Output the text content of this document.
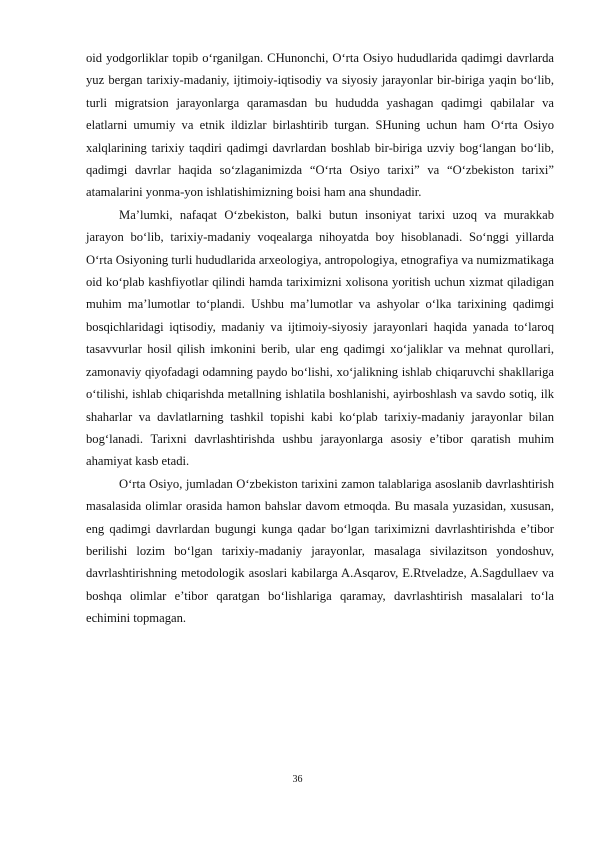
oid yodgorliklar topib o‘rganilgan. CHunonchi, O‘rta Osiyo hududlarida qadimgi davrlarda yuz bergan tarixiy-madaniy, ijtimoiy-iqtisodiy va siyosiy jarayonlar bir-biriga yaqin bo‘lib, turli migratsion jarayonlarga qaramasdan bu hududda yashagan qadimgi qabilalar va elatlarni umumiy va etnik ildizlar birlashtirib turgan. SHuning uchun ham O‘rta Osiyo xalqlarining tarixiy taqdiri qadimgi davrlardan boshlab bir-biriga uzviy bog‘langan bo‘lib, qadimgi davrlar haqida so‘zlaganimizda “O‘rta Osiyo tarixi” va “O‘zbekiston tarixi” atamalarini yonma-yon ishlatishimizning boisi ham ana shundadir.

Ma’lumki, nafaqat O‘zbekiston, balki butun insoniyat tarixi uzoq va murakkab jarayon bo‘lib, tarixiy-madaniy voqealarga nihoyatda boy hisoblanadi. So‘nggi yillarda O‘rta Osiyoning turli hududlarida arxeologiya, antropologiya, etnografiya va numizmatikaga oid ko‘plab kashfiyotlar qilindi hamda tariximizni xolisona yoritish uchun xizmat qiladigan muhim ma’lumotlar to‘plandi. Ushbu ma’lumotlar va ashyolar o‘lka tarixining qadimgi bosqichlaridagi iqtisodiy, madaniy va ijtimoiy-siyosiy jarayonlari haqida yanada to‘laroq tasavvurlar hosil qilish imkonini berib, ular eng qadimgi xo‘jaliklar va mehnat qurollari, zamonaviy qiyofadagi odamning paydo bo‘lishi, xo‘jalikning ishlab chiqaruvchi shakllariga o‘tilishi, ishlab chiqarishda metallning ishlatila boshlanishi, ayirboshlash va savdo sotiq, ilk shaharlar va davlatlarning tashkil topishi kabi ko‘plab tarixiy-madaniy jarayonlar bilan bog‘lanadi. Tarixni davrlashtirishda ushbu jarayonlarga asosiy e’tibor qaratish muhim ahamiyat kasb etadi.

O‘rta Osiyo, jumladan O‘zbekiston tarixini zamon talablariga asoslanib davrlashtirish masalasida olimlar orasida hamon bahslar davom etmoqda. Bu masala yuzasidan, xususan, eng qadimgi davrlardan bugungi kunga qadar bo‘lgan tariximizni davrlashtirishda e’tibor berilishi lozim bo‘lgan tarixiy-madaniy jarayonlar, masalaga sivilazitson yondoshuv, davrlashtirishning metodologik asoslari kabilarga A.Asqarov, E.Rtveladze, A.Sagdullaev va boshqa olimlar e’tibor qaratgan bo‘lishlariga qaramay, davrlashtirish masalalari to‘la echimini topmagan.

36
